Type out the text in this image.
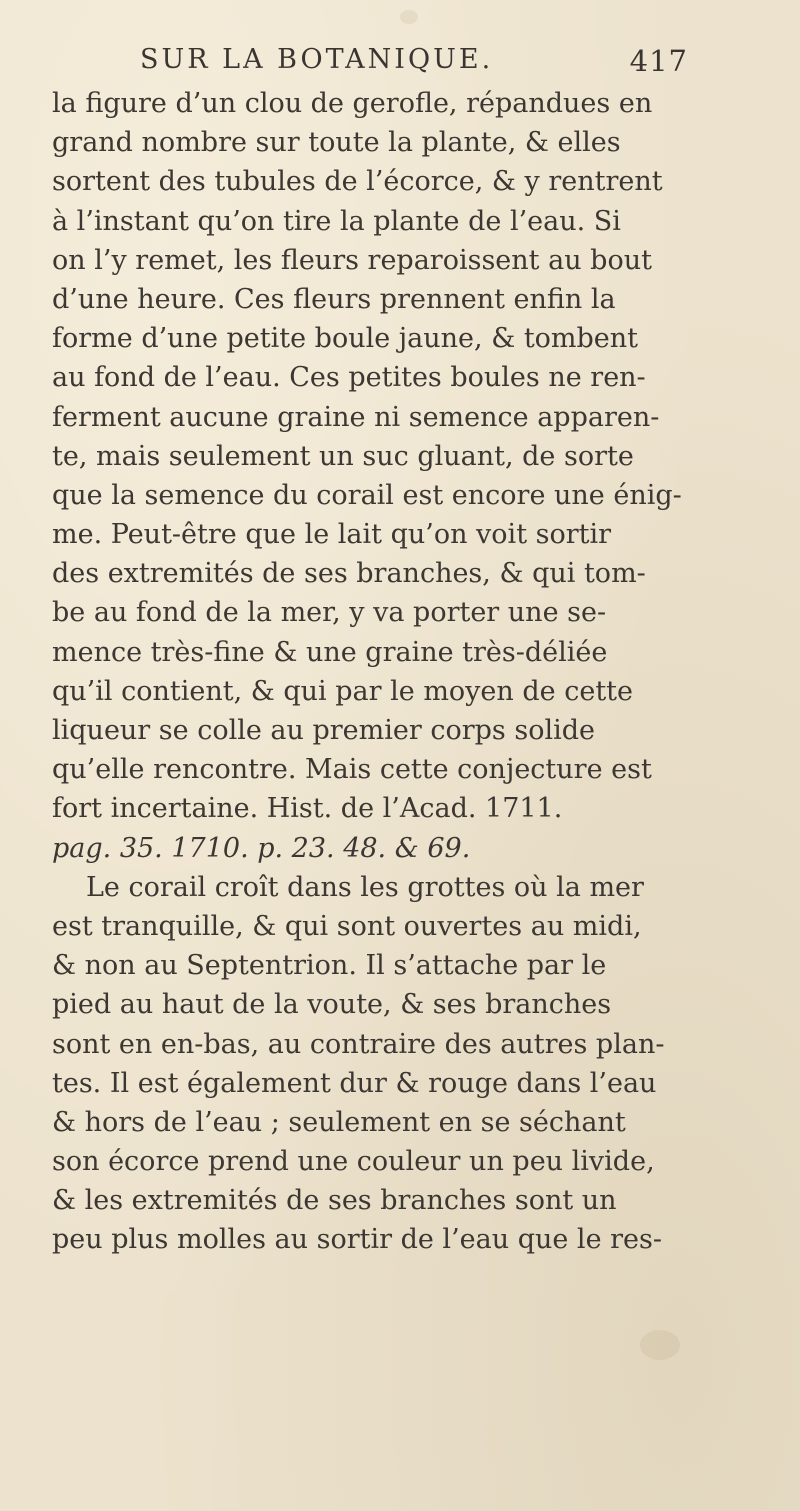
SUR LA BOTANIQUE.	417
la figure d’un clou de gerofle, répandues en
grand nombre sur toute la plante, & elles
sortent des tubules de l’écorce, & y rentrent
à l’instant qu’on tire la plante de l’eau. Si
on l’y remet, les fleurs reparoissent au bout
d’une heure. Ces fleurs prennent enfin la
forme d’une petite boule jaune, & tombent
au fond de l’eau. Ces petites boules ne ren-
ferment aucune graine ni semence apparen-
te, mais seulement un suc gluant, de sorte
que la semence du corail est encore une énig-
me. Peut-être que le lait qu’on voit sortir
des extremités de ses branches, & qui tom-
be au fond de la mer, y va porter une se-
mence très-fine & une graine très-déliée
qu’il contient, & qui par le moyen de cette
liqueur se colle au premier corps solide
qu’elle rencontre. Mais cette conjecture est
fort incertaine. Hist. de l’Acad. 1711.
pag. 35. 1710. p. 23. 48. & 69.
Le corail croît dans les grottes où la mer
est tranquille, & qui sont ouvertes au midi,
& non au Septentrion. Il s’attache par le
pied au haut de la voute, & ses branches
sont en en-bas, au contraire des autres plan-
tes. Il est également dur & rouge dans l’eau
& hors de l’eau ; seulement en se séchant
son écorce prend une couleur un peu livide,
& les extremités de ses branches sont un
peu plus molles au sortir de l’eau que le res-
